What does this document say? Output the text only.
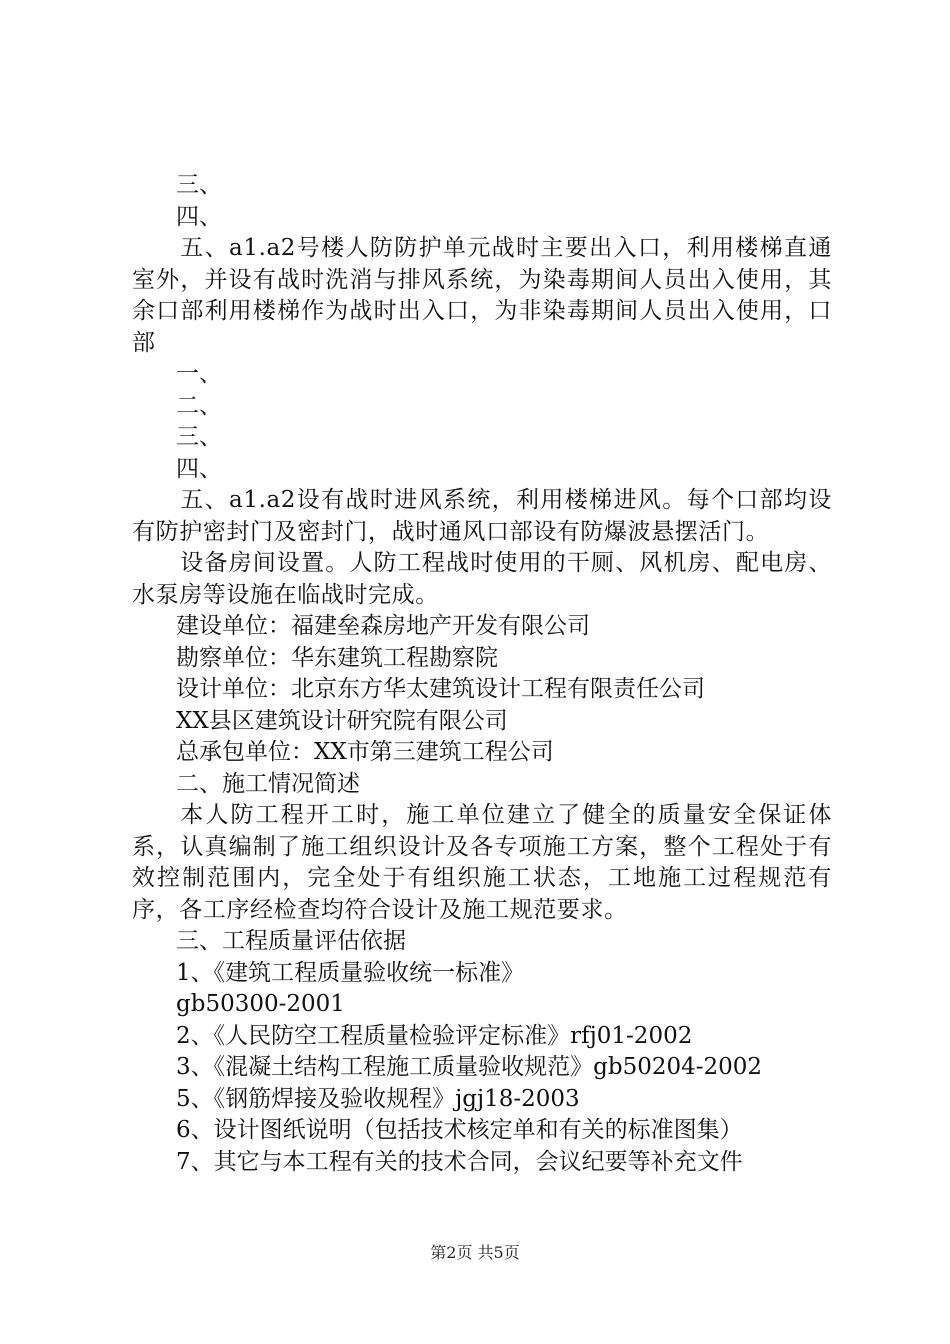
三、
四、
五、a1.a2号楼人防防护单元战时主要出入口，利用楼梯直通室外，并设有战时洗消与排风系统，为染毒期间人员出入使用，其余口部利用楼梯作为战时出入口，为非染毒期间人员出入使用，口部
一、
二、
三、
四、
五、a1.a2设有战时进风系统，利用楼梯进风。每个口部均设有防护密封门及密封门，战时通风口部设有防爆波悬摆活门。
设备房间设置。人防工程战时使用的干厕、风机房、配电房、水泵房等设施在临战时完成。
建设单位：福建垒森房地产开发有限公司
勘察单位：华东建筑工程勘察院
设计单位：北京东方华太建筑设计工程有限责任公司
XX县区建筑设计研究院有限公司
总承包单位：XX市第三建筑工程公司
二、施工情况简述
本人防工程开工时，施工单位建立了健全的质量安全保证体系，认真编制了施工组织设计及各专项施工方案，整个工程处于有效控制范围内，完全处于有组织施工状态，工地施工过程规范有序，各工序经检查均符合设计及施工规范要求。
三、工程质量评估依据
1、《建筑工程质量验收统一标准》
gb50300-2001
2、《人民防空工程质量检验评定标准》rfj01-2002
3、《混凝土结构工程施工质量验收规范》gb50204-2002
5、《钢筋焊接及验收规程》jgj18-2003
6、设计图纸说明（包括技术核定单和有关的标准图集）
7、其它与本工程有关的技术合同，会议纪要等补充文件
第2页 共5页
